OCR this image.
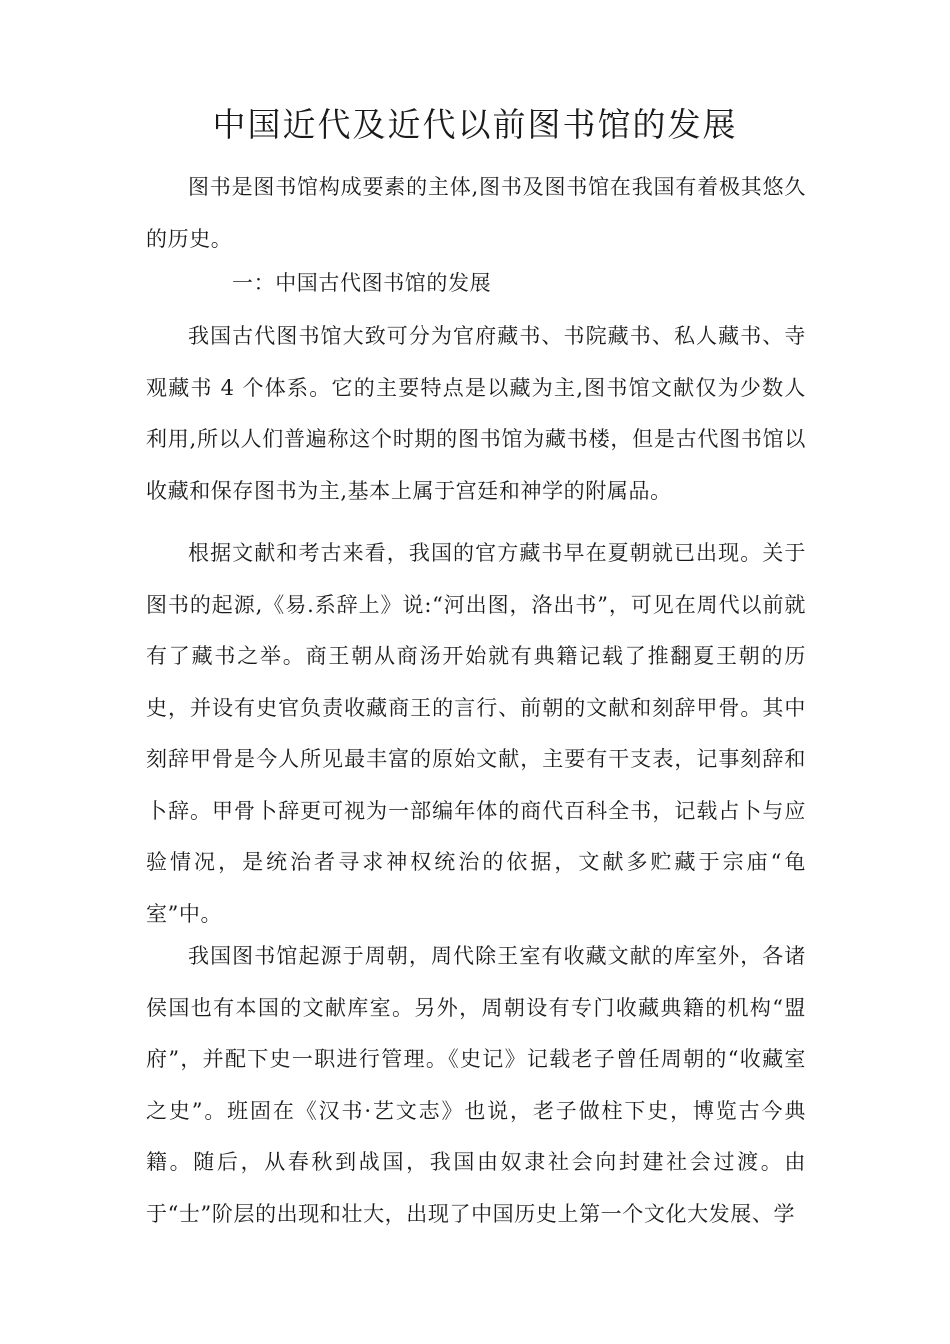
中国近代及近代以前图书馆的发展

图书是图书馆构成要素的主体,图书及图书馆在我国有着极其悠久的历史。

一：中国古代图书馆的发展

我国古代图书馆大致可分为官府藏书、书院藏书、私人藏书、寺观藏书 4 个体系。它的主要特点是以藏为主,图书馆文献仅为少数人利用,所以人们普遍称这个时期的图书馆为藏书楼，但是古代图书馆以收藏和保存图书为主,基本上属于宫廷和神学的附属品。

根据文献和考古来看，我国的官方藏书早在夏朝就已出现。关于图书的起源,《易.系辞上》说:“河出图，洛出书”，可见在周代以前就有了藏书之举。商王朝从商汤开始就有典籍记载了推翻夏王朝的历史，并设有史官负责收藏商王的言行、前朝的文献和刻辞甲骨。其中刻辞甲骨是今人所见最丰富的原始文献，主要有干支表，记事刻辞和卜辞。甲骨卜辞更可视为一部编年体的商代百科全书，记载占卜与应验情况，是统治者寻求神权统治的依据，文献多贮藏于宗庙“龟室”中。

我国图书馆起源于周朝，周代除王室有收藏文献的库室外，各诸侯国也有本国的文献库室。另外，周朝设有专门收藏典籍的机构“盟府”，并配下史一职进行管理。《史记》记载老子曾任周朝的“收藏室之史”。班固在《汉书·艺文志》也说，老子做柱下史，博览古今典籍。随后，从春秋到战国，我国由奴隶社会向封建社会过渡。由于“士”阶层的出现和壮大，出现了中国历史上第一个文化大发展、学
